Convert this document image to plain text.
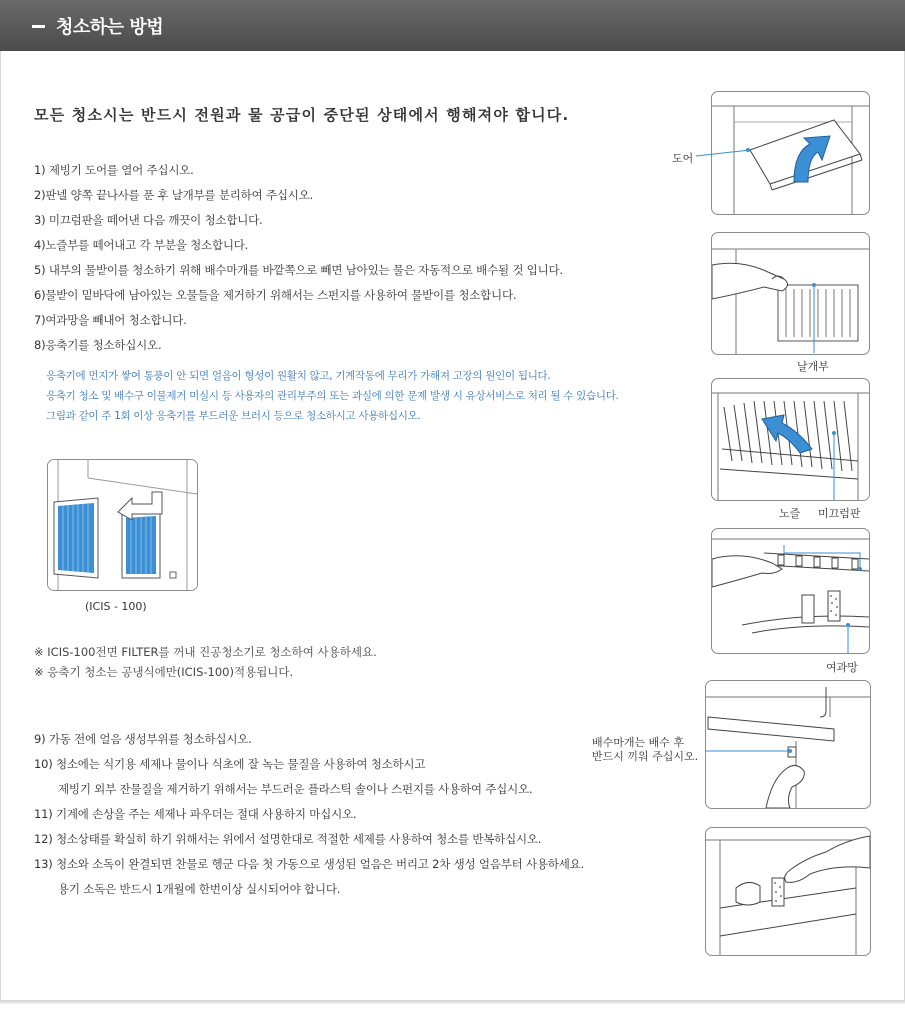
청소하는 방법
모든 청소시는 반드시 전원과 물 공급이 중단된 상태에서 행해져야 합니다.
1) 제빙기 도어를 열어 주십시오.
2)판넬 양쪽 끝나사를 푼 후 날개부를 분리하여 주십시오.
3) 미끄럼판을 떼어낸 다음 깨끗이 청소합니다.
4)노즐부를 떼어내고 각 부분을 청소합니다.
5) 내부의 물받이를 청소하기 위해 배수마개를 바깥쪽으로 빼면 남아있는 물은 자동적으로 배수될 것 입니다.
6)물받이 밑바닥에 남아있는 오물들을 제거하기 위해서는 스펀지를 사용하여 물받이를 청소합니다.
7)여과망을 빼내어 청소합니다.
8)응축기를 청소하십시오.
응축기에 먼지가 쌓여 통풍이 안 되면 얼음이 형성이 원활치 않고, 기계작동에 무리가 가해져 고장의 원인이 됩니다.
응축기 청소 및 배수구 이물제거 미실시 등 사용자의 관리부주의 또는 과실에 의한 문제 발생 시 유상서비스로 처리 될 수 있습니다.
그림과 같이 주 1회 이상 응축기를 부드러운 브러시 등으로 청소하시고 사용하십시오.
(ICIS - 100)
※ ICIS-100전면 FILTER를 꺼내 진공청소기로 청소하여 사용하세요.
※ 응축기 청소는 공냉식에만(ICIS-100)적용됩니다.
9) 가동 전에 얼음 생성부위를 청소하십시오.
10) 청소에는 식기용 세제나 물이나 식초에 잘 녹는 물질을 사용하여 청소하시고
제빙기 외부 잔물질을 제거하기 위해서는 부드러운 플라스틱 솔이나 스펀지를 사용하여 주십시오.
11) 기계에 손상을 주는 세제나 파우더는 절대 사용하지 마십시오.
12) 청소상태를 확실히 하기 위해서는 위에서 설명한대로 적절한 세제를 사용하여 청소를 반복하십시오.
13) 청소와 소독이 완결되면 찬물로 헹군 다음 첫 가동으로 생성된 얼음은 버리고 2차 생성 얼음부터 사용하세요.
용기 소독은 반드시 1개월에 한번이상 실시되어야 합니다.
도어
날개부
노즐 미끄럼판
여과망
배수마개는 배수 후
반드시 끼워 주십시오.
